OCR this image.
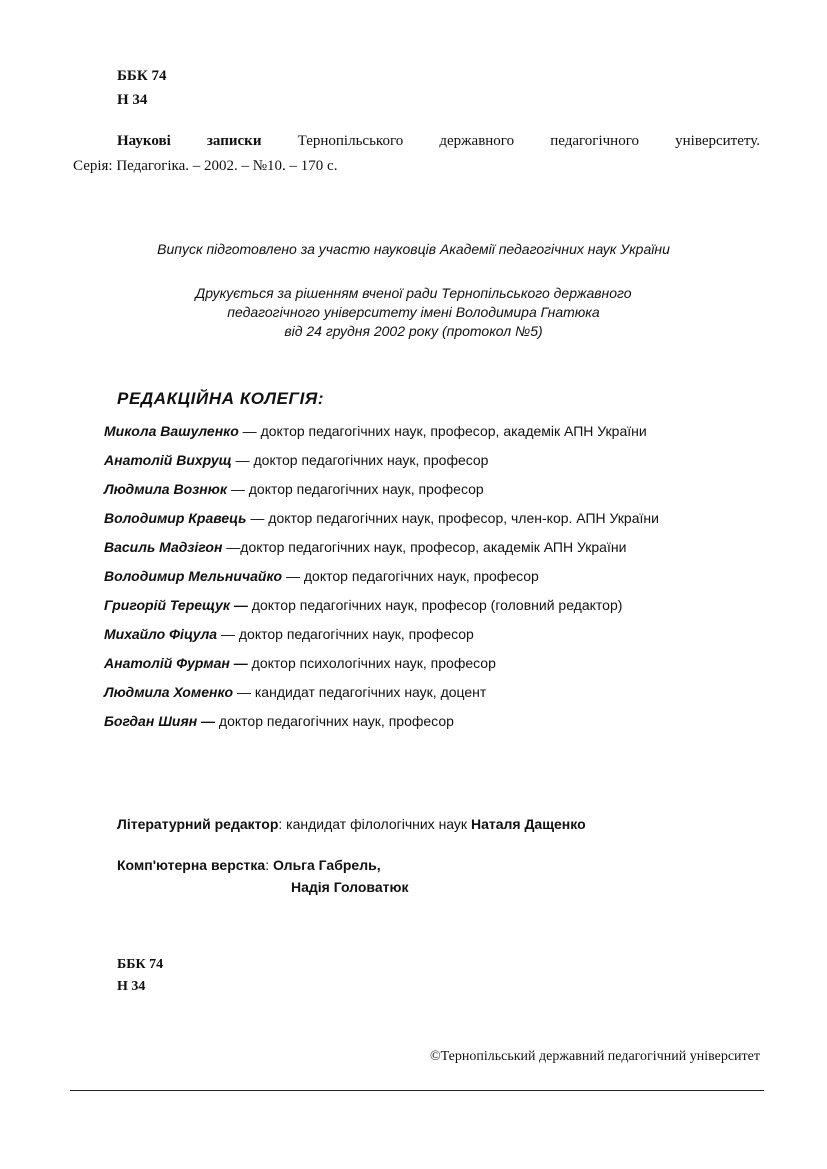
ББК 74
Н 34
Наукові записки Тернопільського державного педагогічного університету.
Серія: Педагогіка. – 2002. – №10. – 170 с.
Випуск підготовлено за участю науковців Академії педагогічних наук України
Друкується за рішенням вченої ради Тернопільського державного
педагогічного університету імені Володимира Гнатюка
від 24 грудня 2002 року (протокол №5)
РЕДАКЦІЙНА КОЛЕГІЯ:
Микола Вашуленко — доктор педагогічних наук, професор, академік АПН України
Анатолій Вихрущ — доктор педагогічних наук, професор
Людмила Вознюк — доктор педагогічних наук, професор
Володимир Кравець — доктор педагогічних наук, професор, член-кор. АПН України
Василь Мадзігон —доктор педагогічних наук, професор, академік АПН України
Володимир Мельничайко — доктор педагогічних наук, професор
Григорій Терещук — доктор педагогічних наук, професор (головний редактор)
Михайло Фіцула — доктор педагогічних наук, професор
Анатолій Фурман — доктор психологічних наук, професор
Людмила Хоменко — кандидат педагогічних наук, доцент
Богдан Шиян — доктор педагогічних наук, професор
Літературний редактор: кандидат філологічних наук Наталя Дащенко
Комп'ютерна верстка: Ольга Габрель,
Надія Головатюк
ББК 74
Н 34
©Тернопільський державний педагогічний університет
